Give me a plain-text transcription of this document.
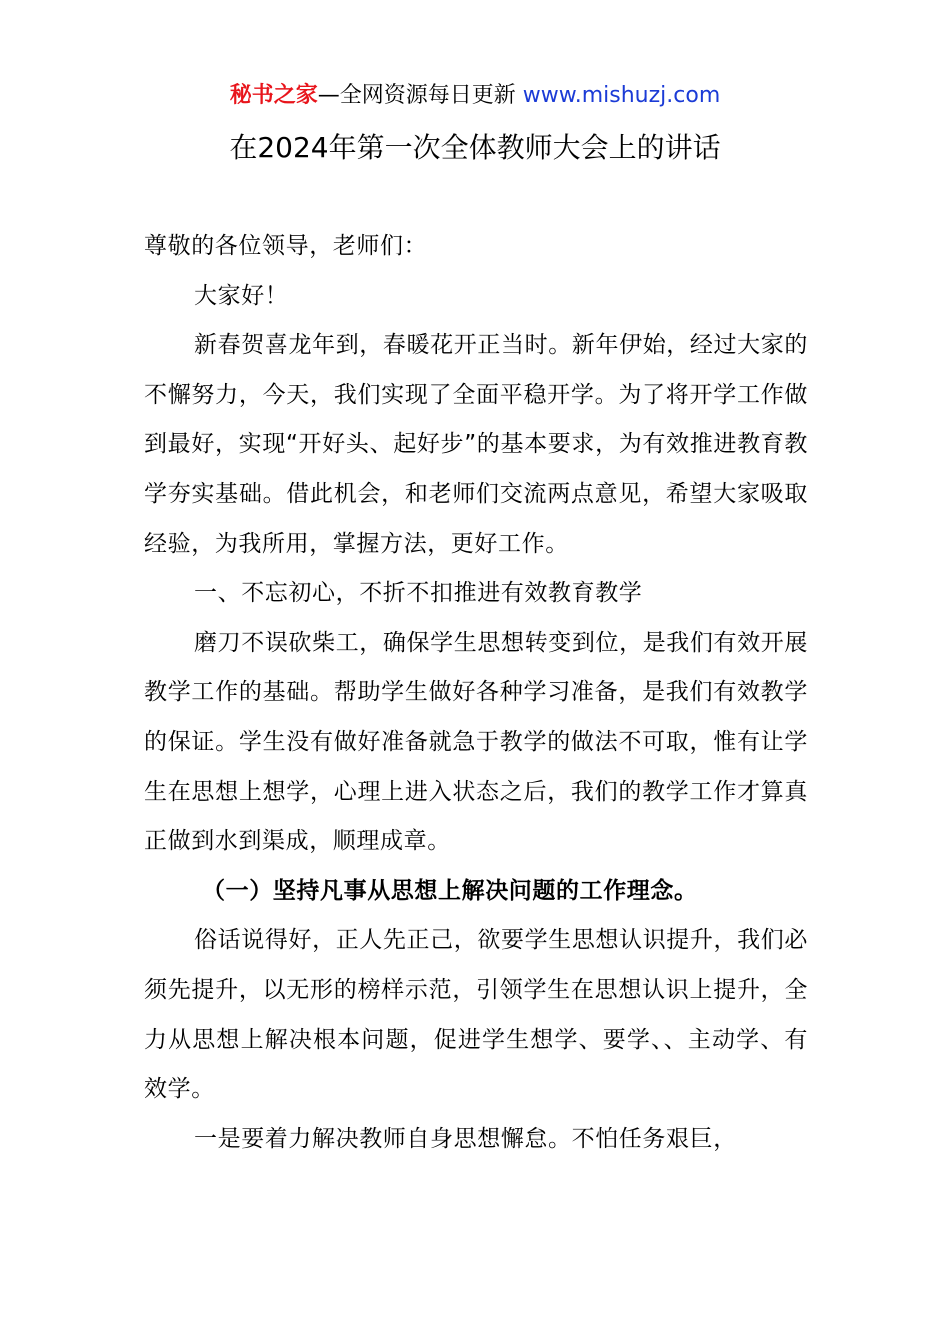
秘书之家—全网资源每日更新 www.mishuzj.com
在2024年第一次全体教师大会上的讲话

尊敬的各位领导，老师们：

大家好！

新春贺喜龙年到，春暖花开正当时。新年伊始，经过大家的不懈努力，今天，我们实现了全面平稳开学。为了将开学工作做到最好，实现“开好头、起好步”的基本要求，为有效推进教育教学夯实基础。借此机会，和老师们交流两点意见，希望大家吸取经验，为我所用，掌握方法，更好工作。

一、不忘初心，不折不扣推进有效教育教学

磨刀不误砍柴工，确保学生思想转变到位，是我们有效开展教学工作的基础。帮助学生做好各种学习准备，是我们有效教学的保证。学生没有做好准备就急于教学的做法不可取，惟有让学生在思想上想学，心理上进入状态之后，我们的教学工作才算真正做到水到渠成，顺理成章。

（一）坚持凡事从思想上解决问题的工作理念。

俗话说得好，正人先正己，欲要学生思想认识提升，我们必须先提升，以无形的榜样示范，引领学生在思想认识上提升，全力从思想上解决根本问题，促进学生想学、要学、、主动学、有效学。

一是要着力解决教师自身思想懈怠。不怕任务艰巨，
